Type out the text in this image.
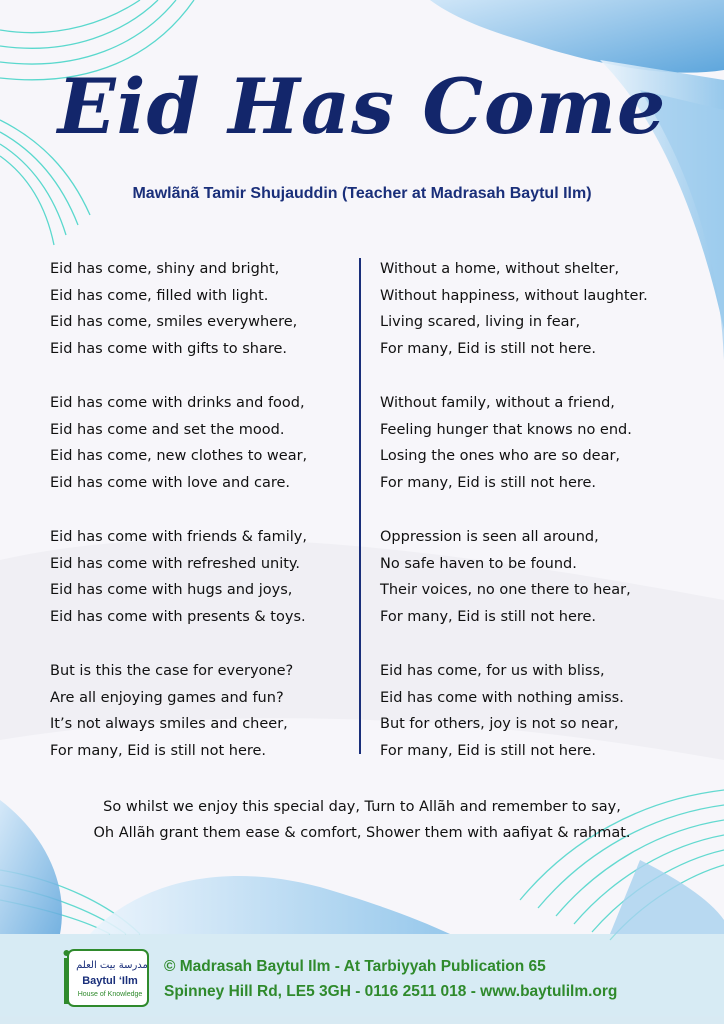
Eid Has Come
Mawlãnã Tamir Shujauddin (Teacher at Madrasah Baytul Ilm)
Eid has come, shiny and bright,
Eid has come, filled with light.
Eid has come, smiles everywhere,
Eid has come with gifts to share.
Eid has come with drinks and food,
Eid has come and set the mood.
Eid has come, new clothes to wear,
Eid has come with love and care.
Eid has come with friends & family,
Eid has come with refreshed unity.
Eid has come with hugs and joys,
Eid has come with presents & toys.
But is this the case for everyone?
Are all enjoying games and fun?
It’s not always smiles and cheer,
For many, Eid is still not here.
Without a home, without shelter,
Without happiness, without laughter.
Living scared, living in fear,
For many, Eid is still not here.
Without family, without a friend,
Feeling hunger that knows no end.
Losing the ones who are so dear,
For many, Eid is still not here.
Oppression is seen all around,
No safe haven to be found.
Their voices, no one there to hear,
For many, Eid is still not here.
Eid has come, for us with bliss,
Eid has come with nothing amiss.
But for others, joy is not so near,
For many, Eid is still not here.
So whilst we enjoy this special day, Turn to Allãh and remember to say,
Oh Allãh grant them ease & comfort, Shower them with aafiyat & rahmat.
مدرسة بيت العلم
Baytul ‘Ilm
House of Knowledge
© Madrasah Baytul Ilm - At Tarbiyyah Publication 65
Spinney Hill Rd, LE5 3GH - 0116 2511 018 - www.baytulilm.org
